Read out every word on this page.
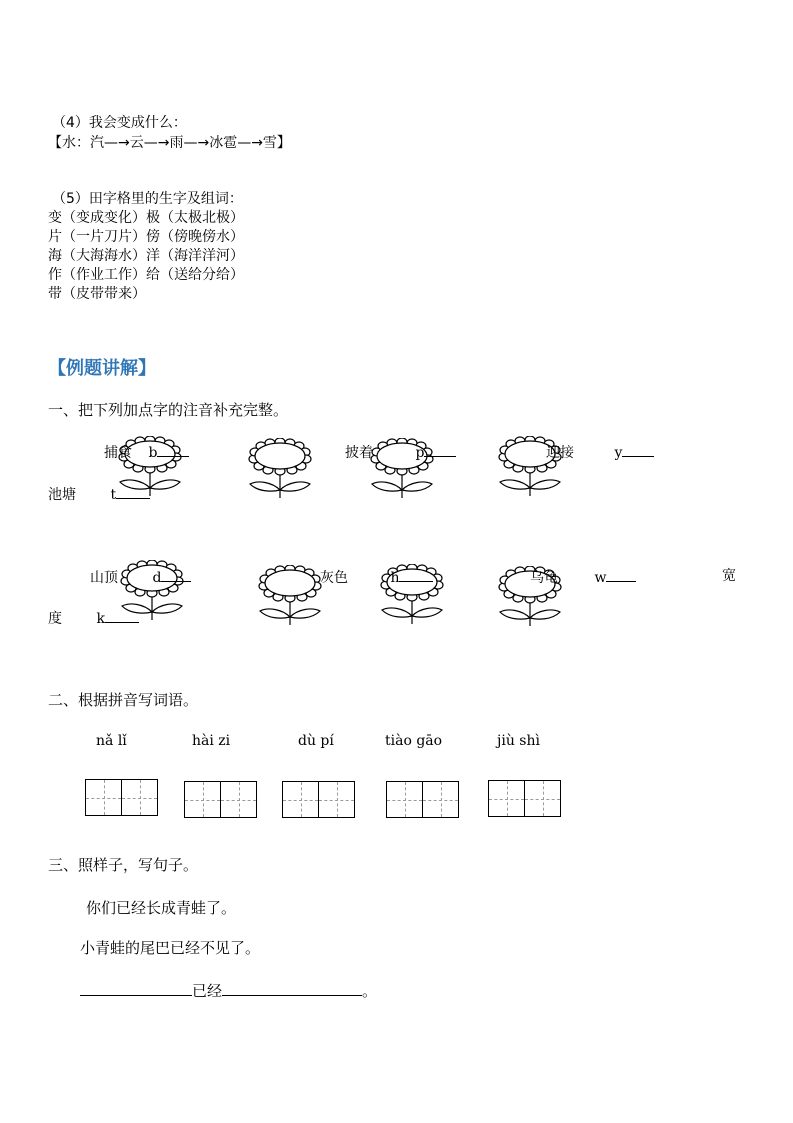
（4）我会变成什么：
【水：汽—→云—→雨—→冰雹—→雪】
（5）田字格里的生字及组词：
变（变成变化）极（太极北极）
片（一片刀片）傍（傍晚傍水）
海（大海海水）洋（海洋洋河）
作（作业工作）给（送给分给）
带（皮带带来）
【例题讲解】
一、把下列加点字的注音补充完整。
捕食 b	披着	p	迎接	y
池塘 t
山顶 d	灰色	h	乌龟	w	宽
度 k
二、根据拼音写词语。
nǎ lǐ	hài zi	dù pí	tiào gāo	jiù shì
三、照样子，写句子。
你们已经长成青蛙了。
小青蛙的尾巴已经不见了。
已经	。
